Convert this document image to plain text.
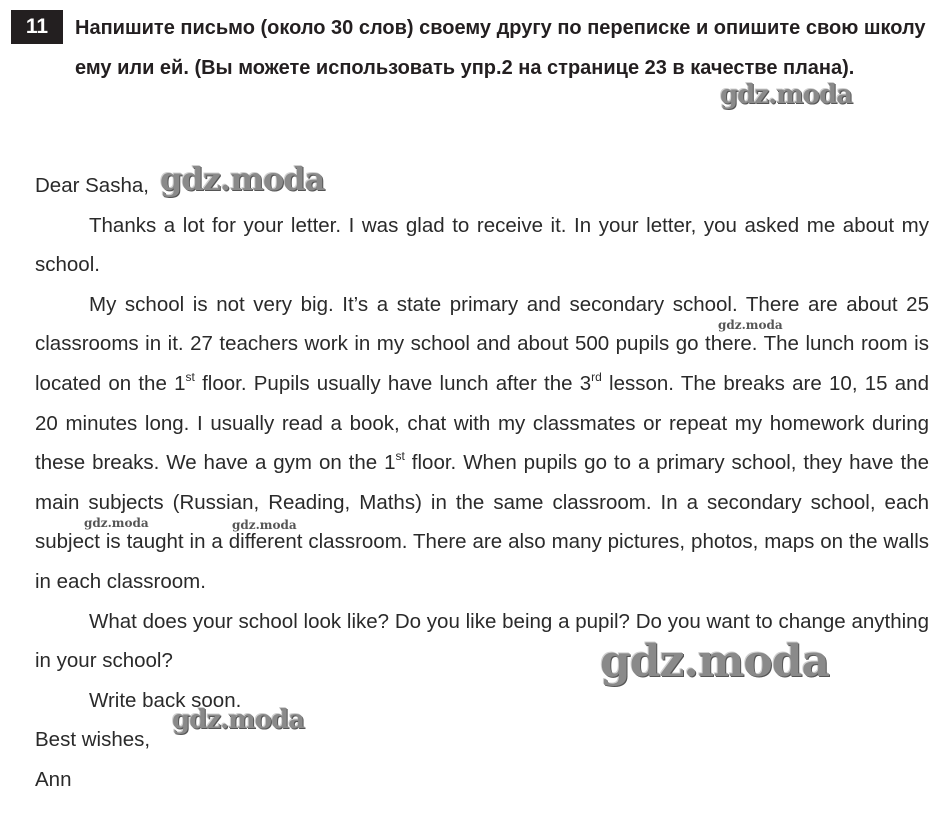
11	Напишите письмо (около 30 слов) своему другу по переписке и опишите свою школу ему или ей. (Вы можете использовать упр.2 на странице 23 в качестве плана).

Dear Sasha,

Thanks a lot for your letter. I was glad to receive it. In your letter, you asked me about my school.

My school is not very big. It’s a state primary and secondary school. There are about 25 classrooms in it. 27 teachers work in my school and about 500 pupils go there. The lunch room is located on the 1st floor. Pupils usually have lunch after the 3rd lesson. The breaks are 10, 15 and 20 minutes long. I usually read a book, chat with my classmates or repeat my homework during these breaks. We have a gym on the 1st floor. When pupils go to a primary school, they have the main subjects (Russian, Reading, Maths) in the same classroom. In a secondary school, each subject is taught in a different classroom. There are also many pictures, photos, maps on the walls in each classroom.

What does your school look like? Do you like being a pupil? Do you want to change anything in your school?

Write back soon.

Best wishes,

Ann

gdz.moda
gdz.moda
gdz.moda
gdz.moda	gdz.moda
gdz.moda
gdz.moda
